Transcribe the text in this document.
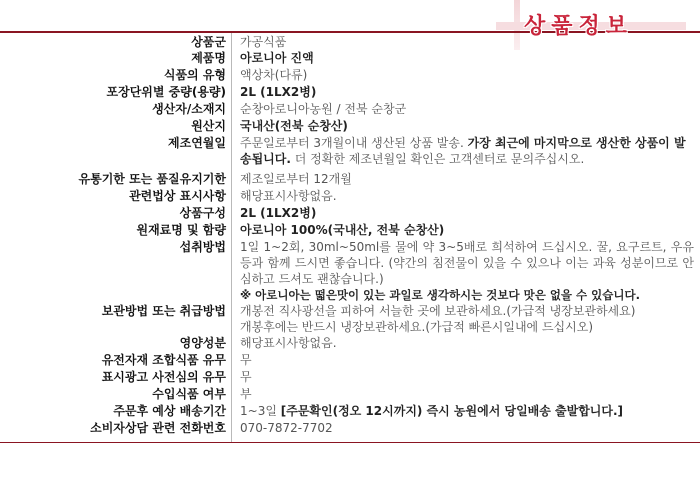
상품정보
상품군	가공식품
제품명	아로니아 진액
식품의 유형	액상차(다류)
포장단위별 중량(용량)	2L (1LX2병)
생산자/소재지	순창아로니아농원 / 전북 순창군
원산지	국내산(전북 순창산)
제조연월일	주문일로부터 3개월이내 생산된 상품 발송. 가장 최근에 마지막으로 생산한 상품이 발송됩니다. 더 정확한 제조년월일 확인은 고객센터로 문의주십시오.
유통기한 또는 품질유지기한	제조일로부터 12개월
관련법상 표시사항	해당표시사항없음.
상품구성	2L (1LX2병)
원재료명 및 함량	아로니아 100%(국내산, 전북 순창산)
섭취방법	1일 1~2회, 30ml~50ml를 물에 약 3~5배로 희석하여 드십시오. 꿀, 요구르트, 우유 등과 함께 드시면 좋습니다. (약간의 침전물이 있을 수 있으나 이는 과육 성분이므로 안심하고 드셔도 괜찮습니다.)
※ 아로니아는 떫은맛이 있는 과일로 생각하시는 것보다 맛은 없을 수 있습니다.

보관방법 또는 취급방법	개봉전 직사광선을 피하여 서늘한 곳에 보관하세요.(가급적 냉장보관하세요)
개봉후에는 반드시 냉장보관하세요.(가급적 빠른시일내에 드십시오)

영양성분	해당표시사항없음.
유전자재 조합식품 유무	무
표시광고 사전심의 유무	무
수입식품 여부	부
주문후 예상 배송기간	1~3일 [주문확인(정오 12시까지) 즉시 농원에서 당일배송 출발합니다.]
소비자상담 관련 전화번호	070-7872-7702
